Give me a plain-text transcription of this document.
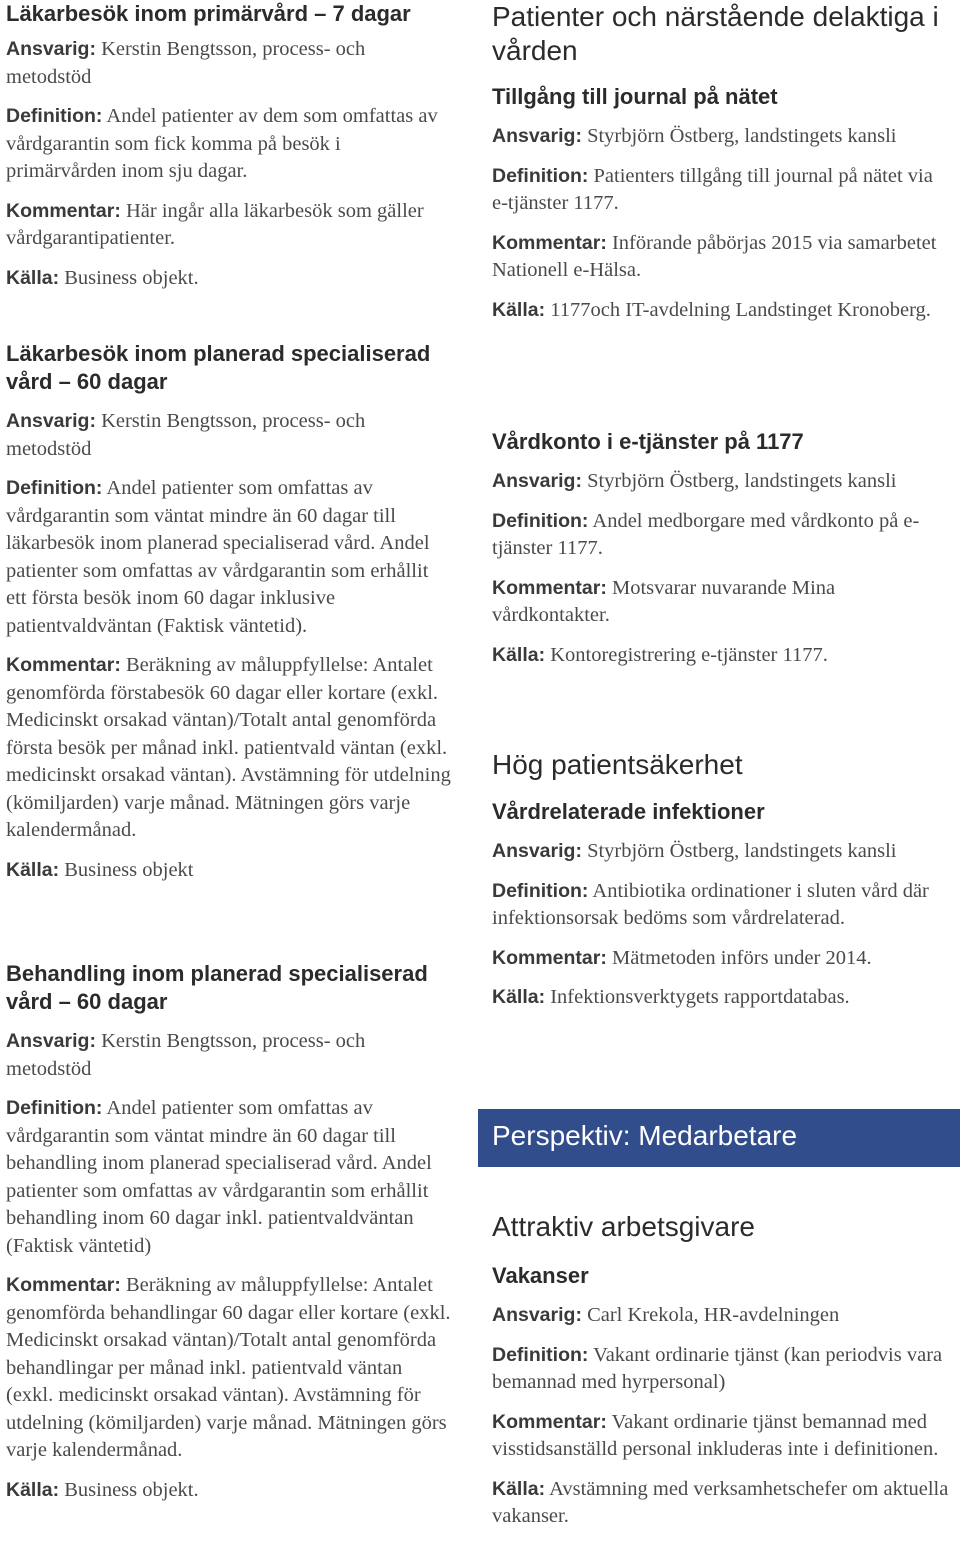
Läkarbesök inom primärvård – 7 dagar

Ansvarig: Kerstin Bengtsson, process- och metodstöd

Definition: Andel patienter av dem som omfattas av vårdgarantin som fick komma på besök i primärvården inom sju dagar.

Kommentar: Här ingår alla läkarbesök som gäller vårdgarantipatienter.

Källa: Business objekt.

Läkarbesök inom planerad specialiserad vård – 60 dagar

Ansvarig: Kerstin Bengtsson, process- och metodstöd

Definition: Andel patienter som omfattas av vårdgarantin som väntat mindre än 60 dagar till läkarbesök inom planerad specialiserad vård. Andel patienter som omfattas av vårdgarantin som erhållit ett första besök inom 60 dagar inklusive patientvaldväntan (Faktisk väntetid).

Kommentar: Beräkning av måluppfyllelse: Antalet genomförda förstabesök 60 dagar eller kortare (exkl. Medicinskt orsakad väntan)/Totalt antal genomförda första besök per månad inkl. patientvald väntan (exkl. medicinskt orsakad väntan). Avstämning för utdelning (kömiljarden) varje månad. Mätningen görs varje kalendermånad.

Källa: Business objekt

Behandling inom planerad specialiserad vård – 60 dagar

Ansvarig: Kerstin Bengtsson, process- och metodstöd

Definition: Andel patienter som omfattas av vårdgarantin som väntat mindre än 60 dagar till behandling inom planerad specialiserad vård. Andel patienter som omfattas av vårdgarantin som erhållit behandling inom 60 dagar inkl. patientvaldväntan (Faktisk väntetid)

Kommentar: Beräkning av måluppfyllelse: Antalet genomförda behandlingar 60 dagar eller kortare (exkl. Medicinskt orsakad väntan)/Totalt antal genomförda behandlingar per månad inkl. patientvald väntan (exkl. medicinskt orsakad väntan). Avstämning för utdelning (kömiljarden) varje månad. Mätningen görs varje kalendermånad.

Källa: Business objekt.

Patienter och närstående delaktiga i vården
Tillgång till journal på nätet

Ansvarig: Styrbjörn Östberg, landstingets kansli

Definition: Patienters tillgång till journal på nätet via e-tjänster 1177.

Kommentar: Införande påbörjas 2015 via samarbetet Nationell e-Hälsa.

Källa: 1177och IT-avdelning Landstinget Kronoberg.

Vårdkonto i e-tjänster på 1177

Ansvarig: Styrbjörn Östberg, landstingets kansli

Definition: Andel medborgare med vårdkonto på e-tjänster 1177.

Kommentar: Motsvarar nuvarande Mina vårdkontakter.

Källa: Kontoregistrering e-tjänster 1177.

Hög patientsäkerhet
Vårdrelaterade infektioner

Ansvarig: Styrbjörn Östberg, landstingets kansli

Definition: Antibiotika ordinationer i sluten vård där infektionsorsak bedöms som vårdrelaterad.

Kommentar: Mätmetoden införs under 2014.

Källa: Infektionsverktygets rapportdatabas.

Perspektiv: Medarbetare
Attraktiv arbetsgivare
Vakanser

Ansvarig: Carl Krekola, HR-avdelningen

Definition: Vakant ordinarie tjänst (kan periodvis vara bemannad med hyrpersonal)

Kommentar: Vakant ordinarie tjänst bemannad med visstidsanställd personal inkluderas inte i definitionen.

Källa: Avstämning med verksamhetschefer om aktuella vakanser.
